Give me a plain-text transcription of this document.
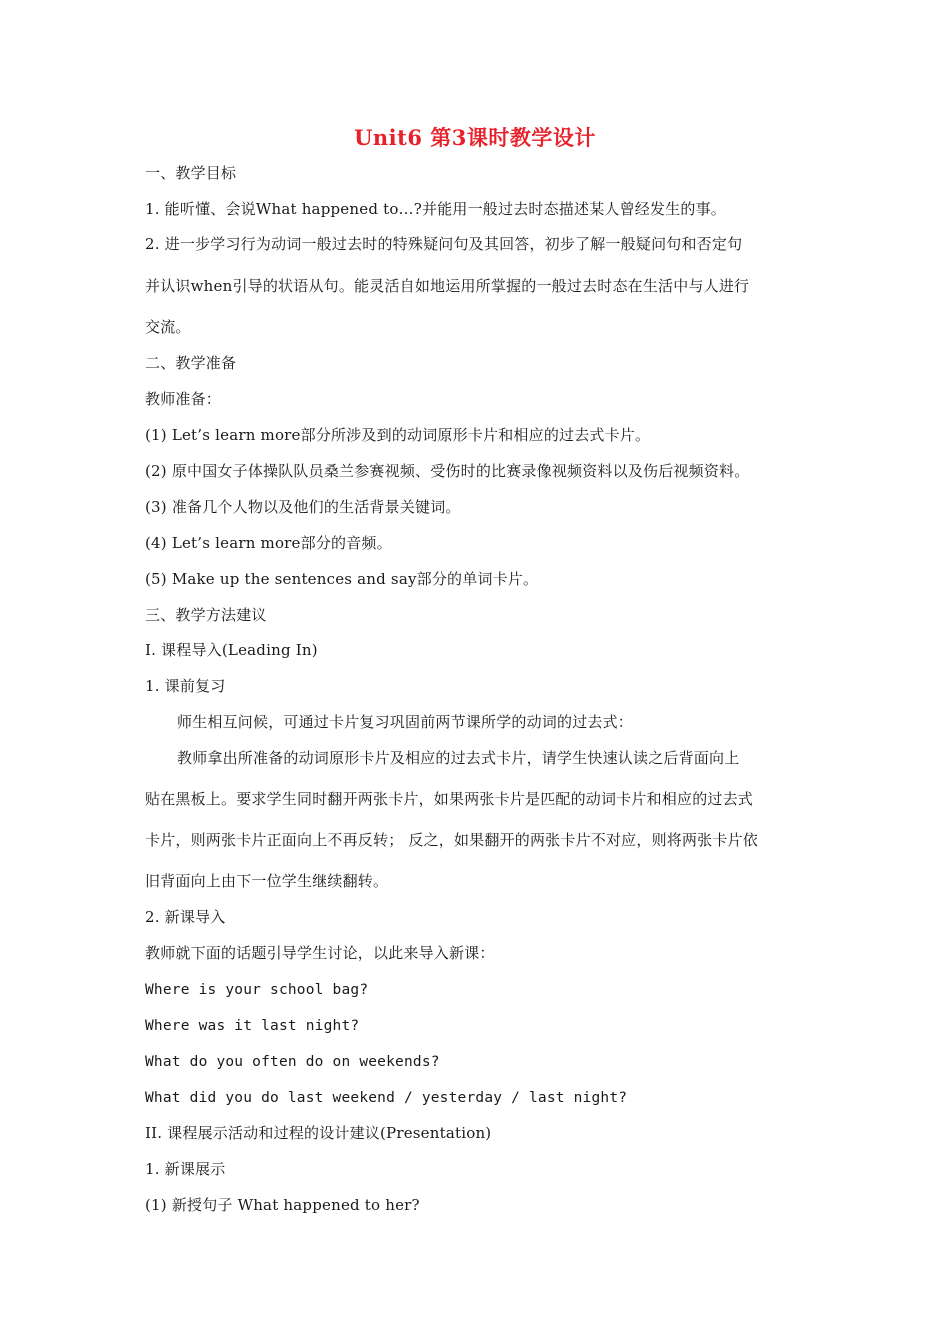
Unit6 第3课时教学设计
一、教学目标
1. 能听懂、会说What happened to…?并能用一般过去时态描述某人曾经发生的事。
2. 进一步学习行为动词一般过去时的特殊疑问句及其回答，初步了解一般疑问句和否定句
并认识when引导的状语从句。能灵活自如地运用所掌握的一般过去时态在生活中与人进行
交流。
二、教学准备
教师准备：
(1) Let’s learn more部分所涉及到的动词原形卡片和相应的过去式卡片。
(2) 原中国女子体操队队员桑兰参赛视频、受伤时的比赛录像视频资料以及伤后视频资料。
(3) 准备几个人物以及他们的生活背景关键词。
(4) Let’s learn more部分的音频。
(5) Make up the sentences and say部分的单词卡片。
三、教学方法建议
I. 课程导入(Leading In)
1. 课前复习
师生相互问候，可通过卡片复习巩固前两节课所学的动词的过去式：
教师拿出所准备的动词原形卡片及相应的过去式卡片，请学生快速认读之后背面向上
贴在黑板上。要求学生同时翻开两张卡片，如果两张卡片是匹配的动词卡片和相应的过去式
卡片，则两张卡片正面向上不再反转； 反之，如果翻开的两张卡片不对应，则将两张卡片依
旧背面向上由下一位学生继续翻转。
2. 新课导入
教师就下面的话题引导学生讨论，以此来导入新课：
Where is your school bag?
Where was it last night?
What do you often do on weekends?
What did you do last weekend / yesterday / last night?
II. 课程展示活动和过程的设计建议(Presentation)
1. 新课展示
(1) 新授句子 What happened to her?
